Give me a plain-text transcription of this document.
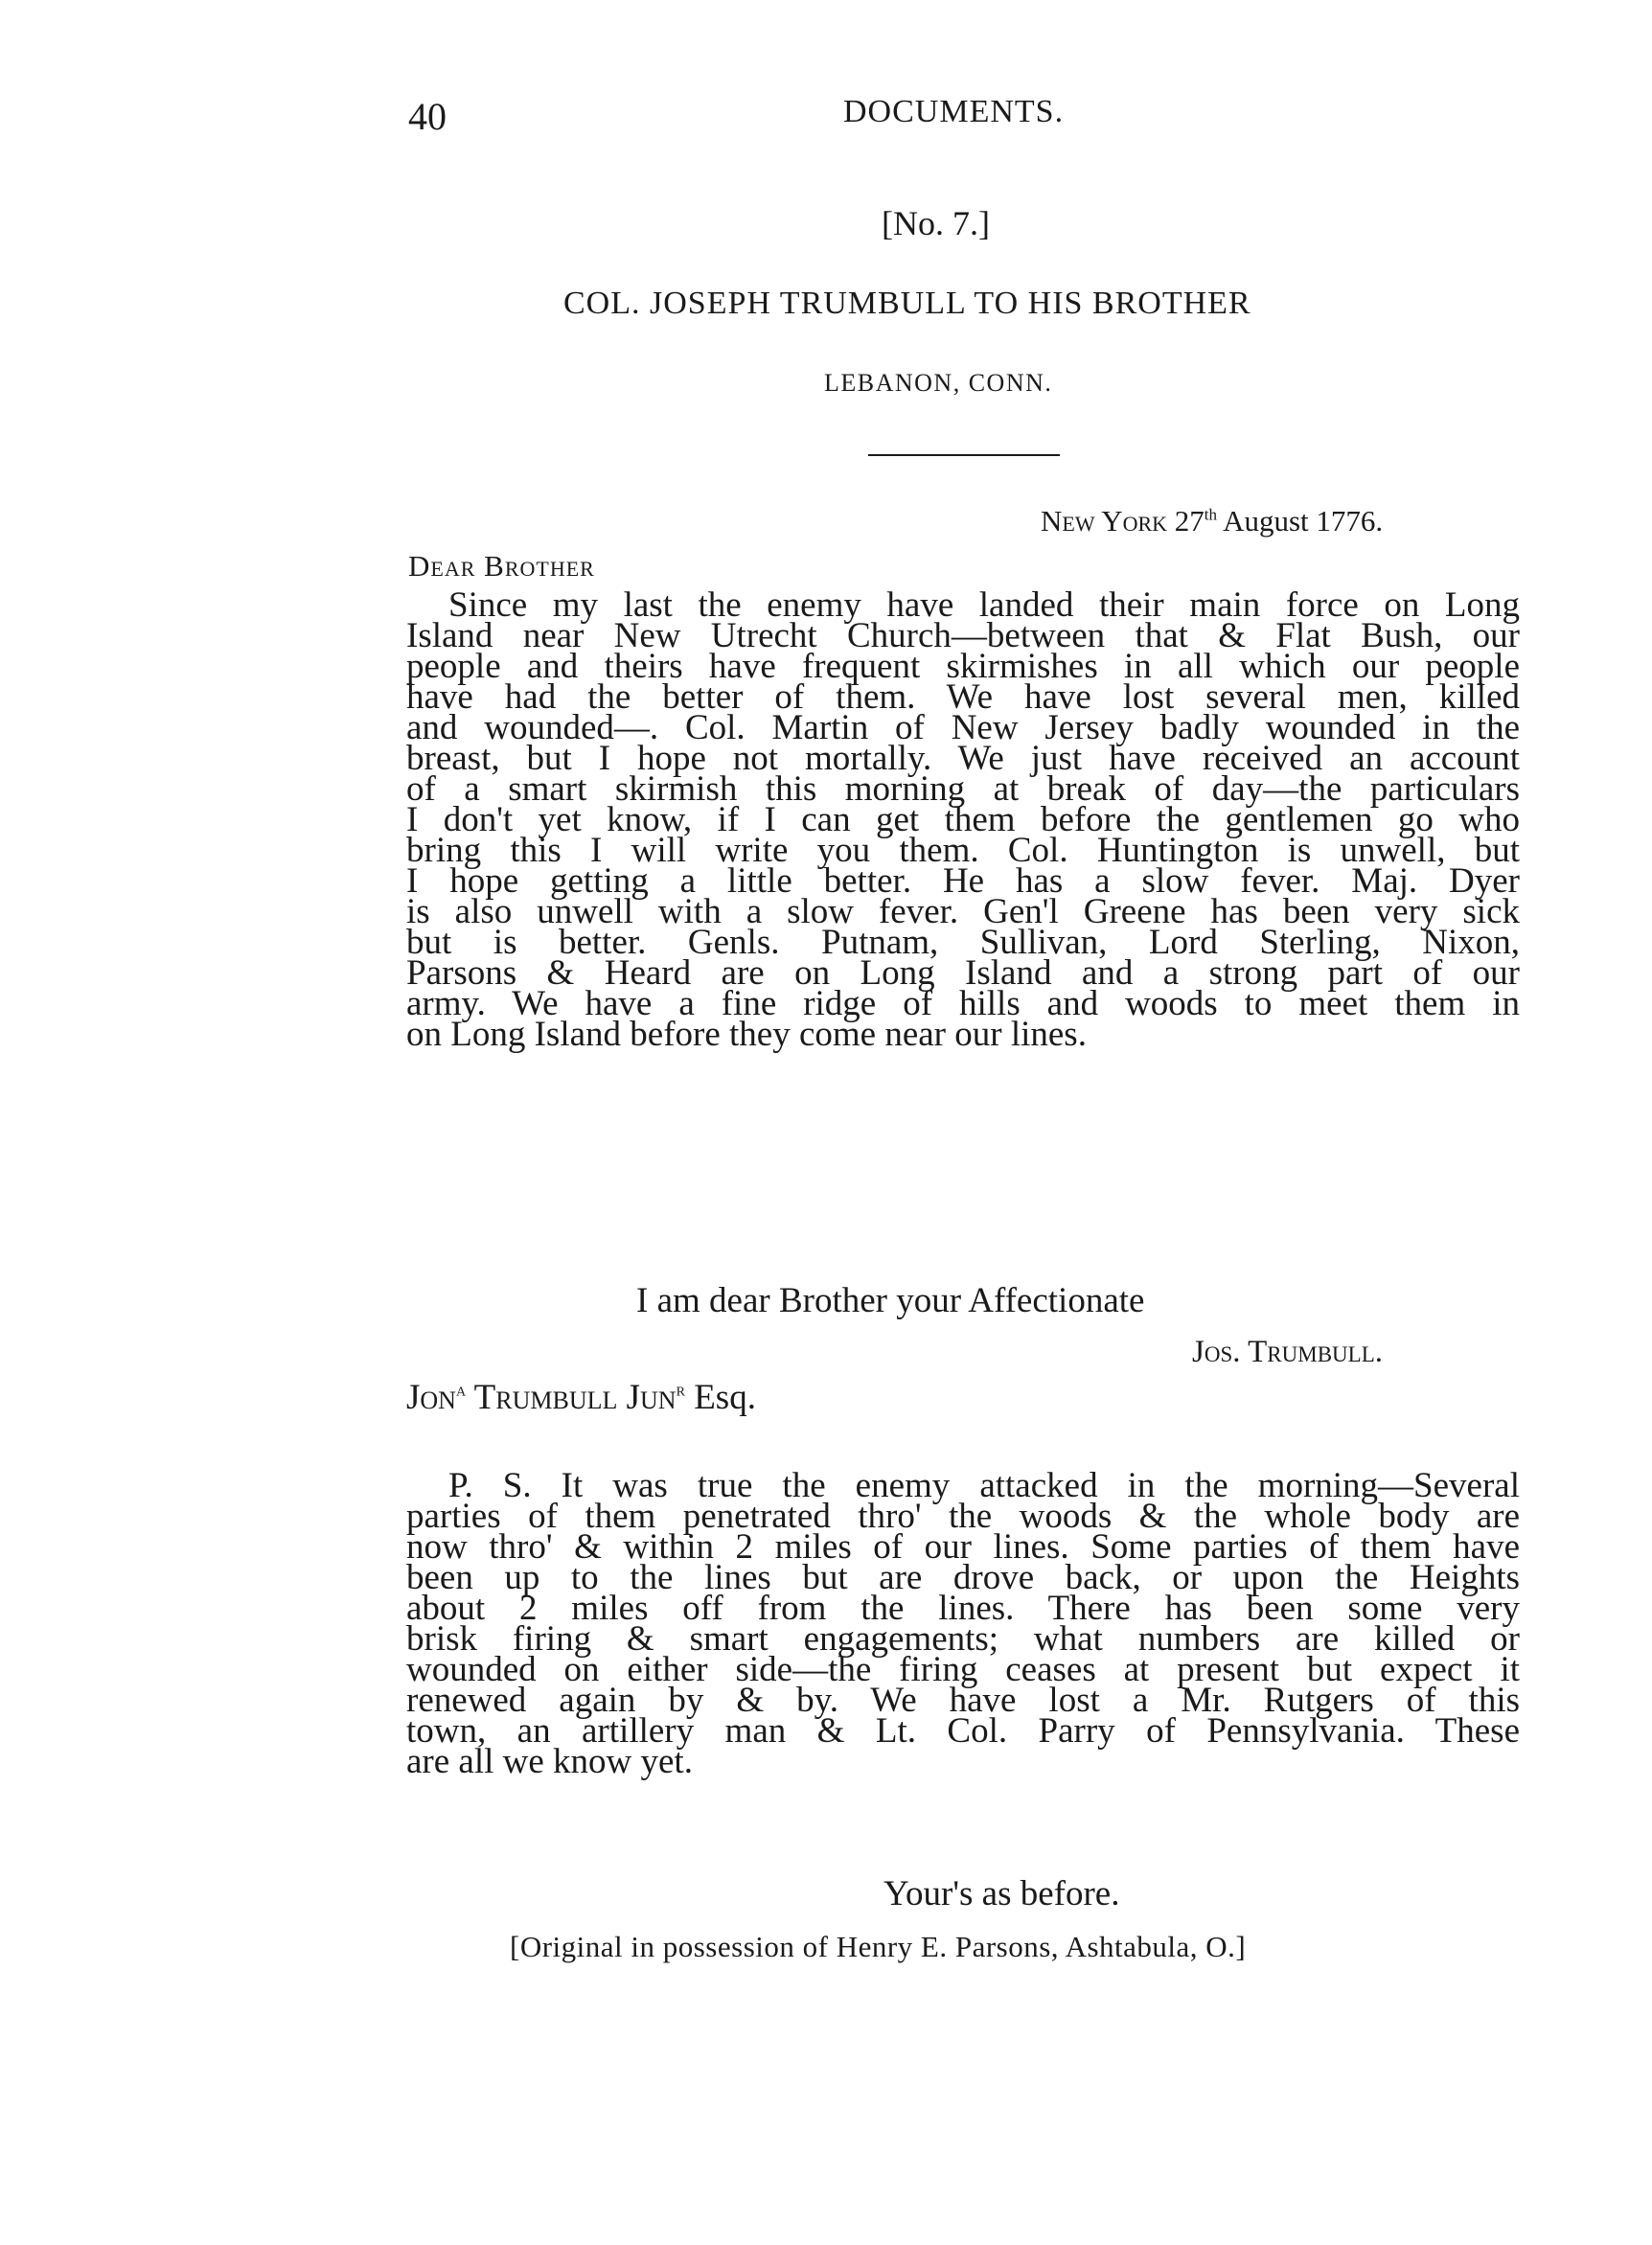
40	DOCUMENTS.
[No. 7.]
COL. JOSEPH TRUMBULL TO HIS BROTHER
LEBANON, CONN.
New York 27th August 1776.
Dear Brother
Since my last the enemy have landed their main force on Long
Island near New Utrecht Church—between that & Flat Bush, our
people and theirs have frequent skirmishes in all which our people
have had the better of them. We have lost several men, killed
and wounded—. Col. Martin of New Jersey badly wounded in the
breast, but I hope not mortally. We just have received an account
of a smart skirmish this morning at break of day—the particulars
I don't yet know, if I can get them before the gentlemen go who
bring this I will write you them. Col. Huntington is unwell, but
I hope getting a little better. He has a slow fever. Maj. Dyer
is also unwell with a slow fever. Gen'l Greene has been very sick
but is better. Genls. Putnam, Sullivan, Lord Sterling, Nixon,
Parsons & Heard are on Long Island and a strong part of our
army. We have a fine ridge of hills and woods to meet them in
on Long Island before they come near our lines.
I am dear Brother your Affectionate
Jos. Trumbull.
Jon$^a$ Trumbull Jun$^r$ Esq.
P. S. It was true the enemy attacked in the morning—Several
parties of them penetrated thro' the woods & the whole body are
now thro' & within 2 miles of our lines. Some parties of them have
been up to the lines but are drove back, or upon the Heights
about 2 miles off from the lines. There has been some very
brisk firing & smart engagements; what numbers are killed or
wounded on either side—the firing ceases at present but expect it
renewed again by & by. We have lost a Mr. Rutgers of this
town, an artillery man & Lt. Col. Parry of Pennsylvania. These
are all we know yet.
Your's as before.
[Original in possession of Henry E. Parsons, Ashtabula, O.]
